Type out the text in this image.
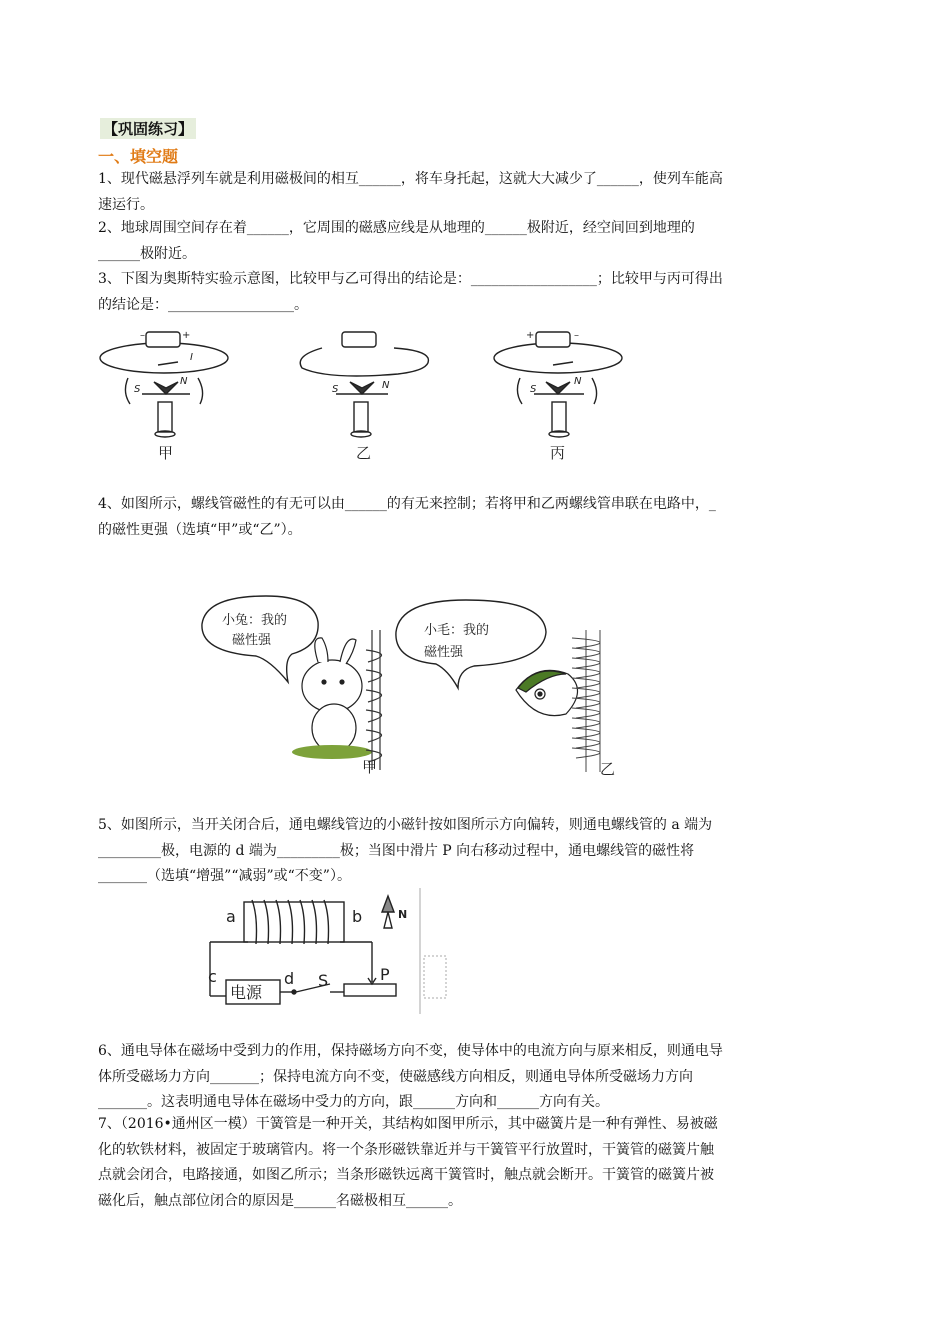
【巩固练习】
一、填空题
1、现代磁悬浮列车就是利用磁极间的相互______，将车身托起，这就大大减少了______，使列车能高
速运行。
2、地球周围空间存在着______，它周围的磁感应线是从地理的______极附近，经空间回到地理的
______极附近。
3、下图为奥斯特实验示意图，比较甲与乙可得出的结论是：__________________；比较甲与丙可得出
的结论是：__________________。
–	+
I
S
N
S	N
+	–
S
N
甲	乙	丙
4、如图所示，螺线管磁性的有无可以由______的有无来控制；若将甲和乙两螺线管串联在电路中，_
的磁性更强（选填“甲”或“乙”）。
小兔：我的
磁性强
小毛：我的
磁性强
甲	乙
5、如图所示，当开关闭合后，通电螺线管边的小磁针按如图所示方向偏转，则通电螺线管的 a 端为
_________极，电源的 d 端为_________极；当图中滑片 P 向右移动过程中，通电螺线管的磁性将
_______（选填“增强”“减弱”或“不变”）。
a	b
c	d S	P
电源
N
6、通电导体在磁场中受到力的作用，保持磁场方向不变，使导体中的电流方向与原来相反，则通电导
体所受磁场力方向_______；保持电流方向不变，使磁感线方向相反，则通电导体所受磁场力方向
_______。这表明通电导体在磁场中受力的方向，跟______方向和______方向有关。
7、（2016•通州区一模）干簧管是一种开关，其结构如图甲所示，其中磁簧片是一种有弹性、易被磁
化的软铁材料，被固定于玻璃管内。将一个条形磁铁靠近并与干簧管平行放置时，干簧管的磁簧片触
点就会闭合，电路接通，如图乙所示；当条形磁铁远离干簧管时，触点就会断开。干簧管的磁簧片被
磁化后，触点部位闭合的原因是______名磁极相互______。
